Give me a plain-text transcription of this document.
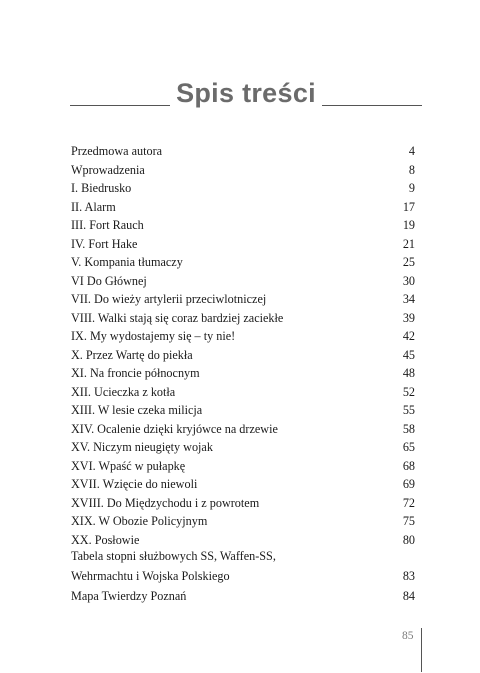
Spis treści
Przedmowa autora	4
Wprowadzenia	8
I. Biedrusko	9
II. Alarm	17
III. Fort Rauch	19
IV. Fort Hake	21
V. Kompania tłumaczy	25
VI Do Głównej	30
VII. Do wieży artylerii przeciwlotniczej	34
VIII. Walki stają się coraz bardziej zaciekłe	39
IX. My wydostajemy się – ty nie!	42
X. Przez Wartę do piekła	45
XI. Na froncie północnym	48
XII. Ucieczka z kotła	52
XIII. W lesie czeka milicja	55
XIV. Ocalenie dzięki kryjówce na drzewie	58
XV. Niczym nieugięty wojak	65
XVI. Wpaść w pułapkę	68
XVII. Wzięcie do niewoli	69
XVIII. Do Międzychodu i z powrotem	72
XIX. W Obozie Policyjnym	75
XX. Posłowie	80
Tabela stopni służbowych SS, Waffen-SS,
Wehrmachtu i Wojska Polskiego	83
Mapa Twierdzy Poznań	84
85
